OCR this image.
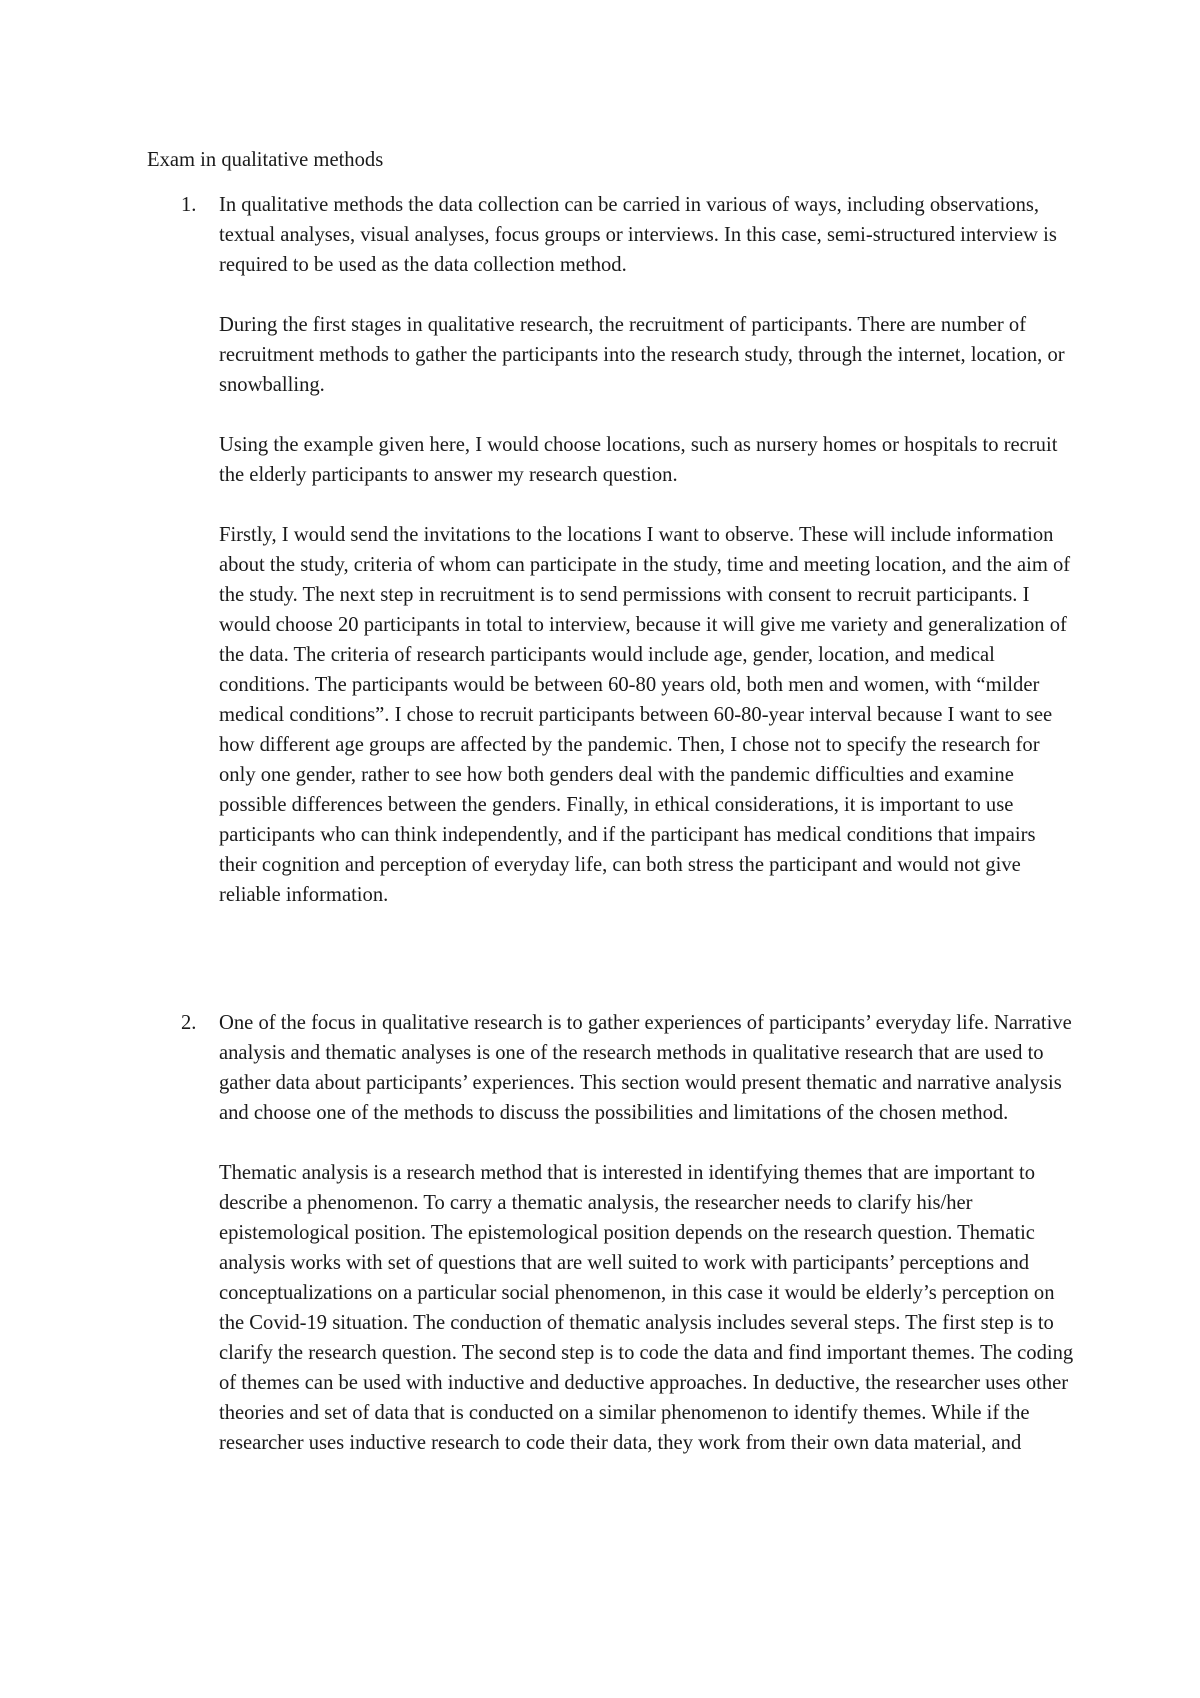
Exam in qualitative methods
1.	In qualitative methods the data collection can be carried in various of ways, including observations, textual analyses, visual analyses, focus groups or interviews. In this case, semi-structured interview is required to be used as the data collection method.

During the first stages in qualitative research, the recruitment of participants. There are number of recruitment methods to gather the participants into the research study, through the internet, location, or snowballing.

Using the example given here, I would choose locations, such as nursery homes or hospitals to recruit the elderly participants to answer my research question.

Firstly, I would send the invitations to the locations I want to observe. These will include information about the study, criteria of whom can participate in the study, time and meeting location, and the aim of the study. The next step in recruitment is to send permissions with consent to recruit participants. I would choose 20 participants in total to interview, because it will give me variety and generalization of the data. The criteria of research participants would include age, gender, location, and medical conditions. The participants would be between 60-80 years old, both men and women, with “milder medical conditions”. I chose to recruit participants between 60-80-year interval because I want to see how different age groups are affected by the pandemic. Then, I chose not to specify the research for only one gender, rather to see how both genders deal with the pandemic difficulties and examine possible differences between the genders. Finally, in ethical considerations, it is important to use participants who can think independently, and if the participant has medical conditions that impairs their cognition and perception of everyday life, can both stress the participant and would not give reliable information.

2.	One of the focus in qualitative research is to gather experiences of participants’ everyday life. Narrative analysis and thematic analyses is one of the research methods in qualitative research that are used to gather data about participants’ experiences. This section would present thematic and narrative analysis and choose one of the methods to discuss the possibilities and limitations of the chosen method.

Thematic analysis is a research method that is interested in identifying themes that are important to describe a phenomenon. To carry a thematic analysis, the researcher needs to clarify his/her epistemological position. The epistemological position depends on the research question. Thematic analysis works with set of questions that are well suited to work with participants’ perceptions and conceptualizations on a particular social phenomenon, in this case it would be elderly’s perception on the Covid-19 situation. The conduction of thematic analysis includes several steps. The first step is to clarify the research question. The second step is to code the data and find important themes. The coding of themes can be used with inductive and deductive approaches. In deductive, the researcher uses other theories and set of data that is conducted on a similar phenomenon to identify themes. While if the researcher uses inductive research to code their data, they work from their own data material, and
